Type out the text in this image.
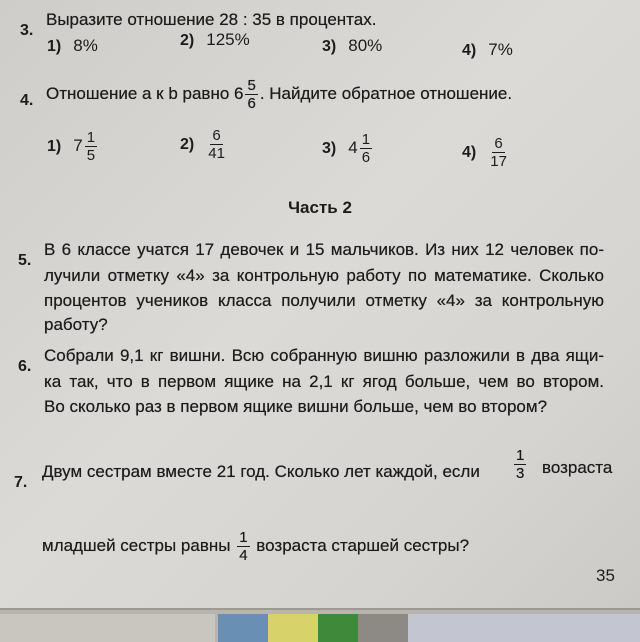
3.
Выразите отношение 28 : 35 в процентах.
1) 8%	2) 125%	3) 80%	4) 7%
4. Отношение a к b равно $6 \frac{5}{6}$ . Найдите обратное отношение.
1) $7 \frac{1}{5}$	$2) \frac{6}{41}$	3) $4 \frac{1}{6}$	$4) \frac{6}{17}$
Часть 2
5.
В 6 классе учатся 17 девочек и 15 мальчиков. Из них 12 человек по-
лучили отметку «4» за контрольную работу по математике. Сколько
процентов учеников класса получили отметку «4» за контрольную
работу?
6.
Собрали 9,1 кг вишни. Всю собранную вишню разложили в два ящи-
ка так, что в первом ящике на 2,1 кг ягод больше, чем во втором.
Во сколько раз в первом ящике вишни больше, чем во втором?
7.
Двум сестрам вместе 21 год. Сколько лет каждой, если $\frac{1}{3}$ возраста
младшей сестры равны $\frac{1}{4}$ возраста старшей сестры?
35
